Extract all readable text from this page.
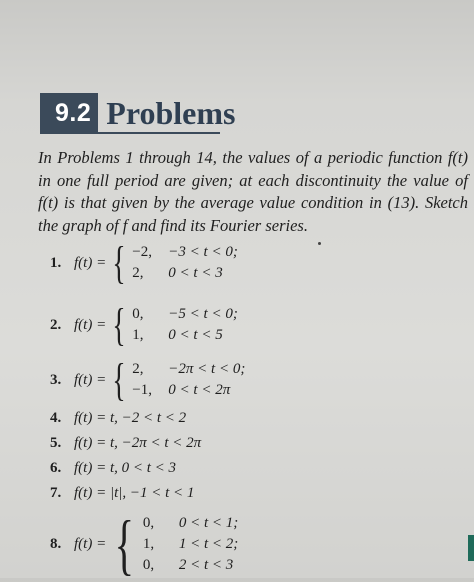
9.2 Problems
In Problems 1 through 14, the values of a periodic function f(t) in one full period are given; at each discontinuity the value of f(t) is that given by the average value condition in (13). Sketch the graph of f and find its Fourier series.
1. f(t) = { −2,	−3 < t < 0;
2,	0 < t < 3
2. f(t) = { 0,	−5 < t < 0;
1,	0 < t < 5
3. f(t) = { 2,	−2π < t < 0;
−1,	0 < t < 2π
4. f(t) = t, −2 < t < 2
5. f(t) = t, −2π < t < 2π
6. f(t) = t, 0 < t < 3
7. f(t) = |t|, −1 < t < 1
8. f(t) = { 0,	0 < t < 1;
1,	1 < t < 2;
0,	2 < t < 3
